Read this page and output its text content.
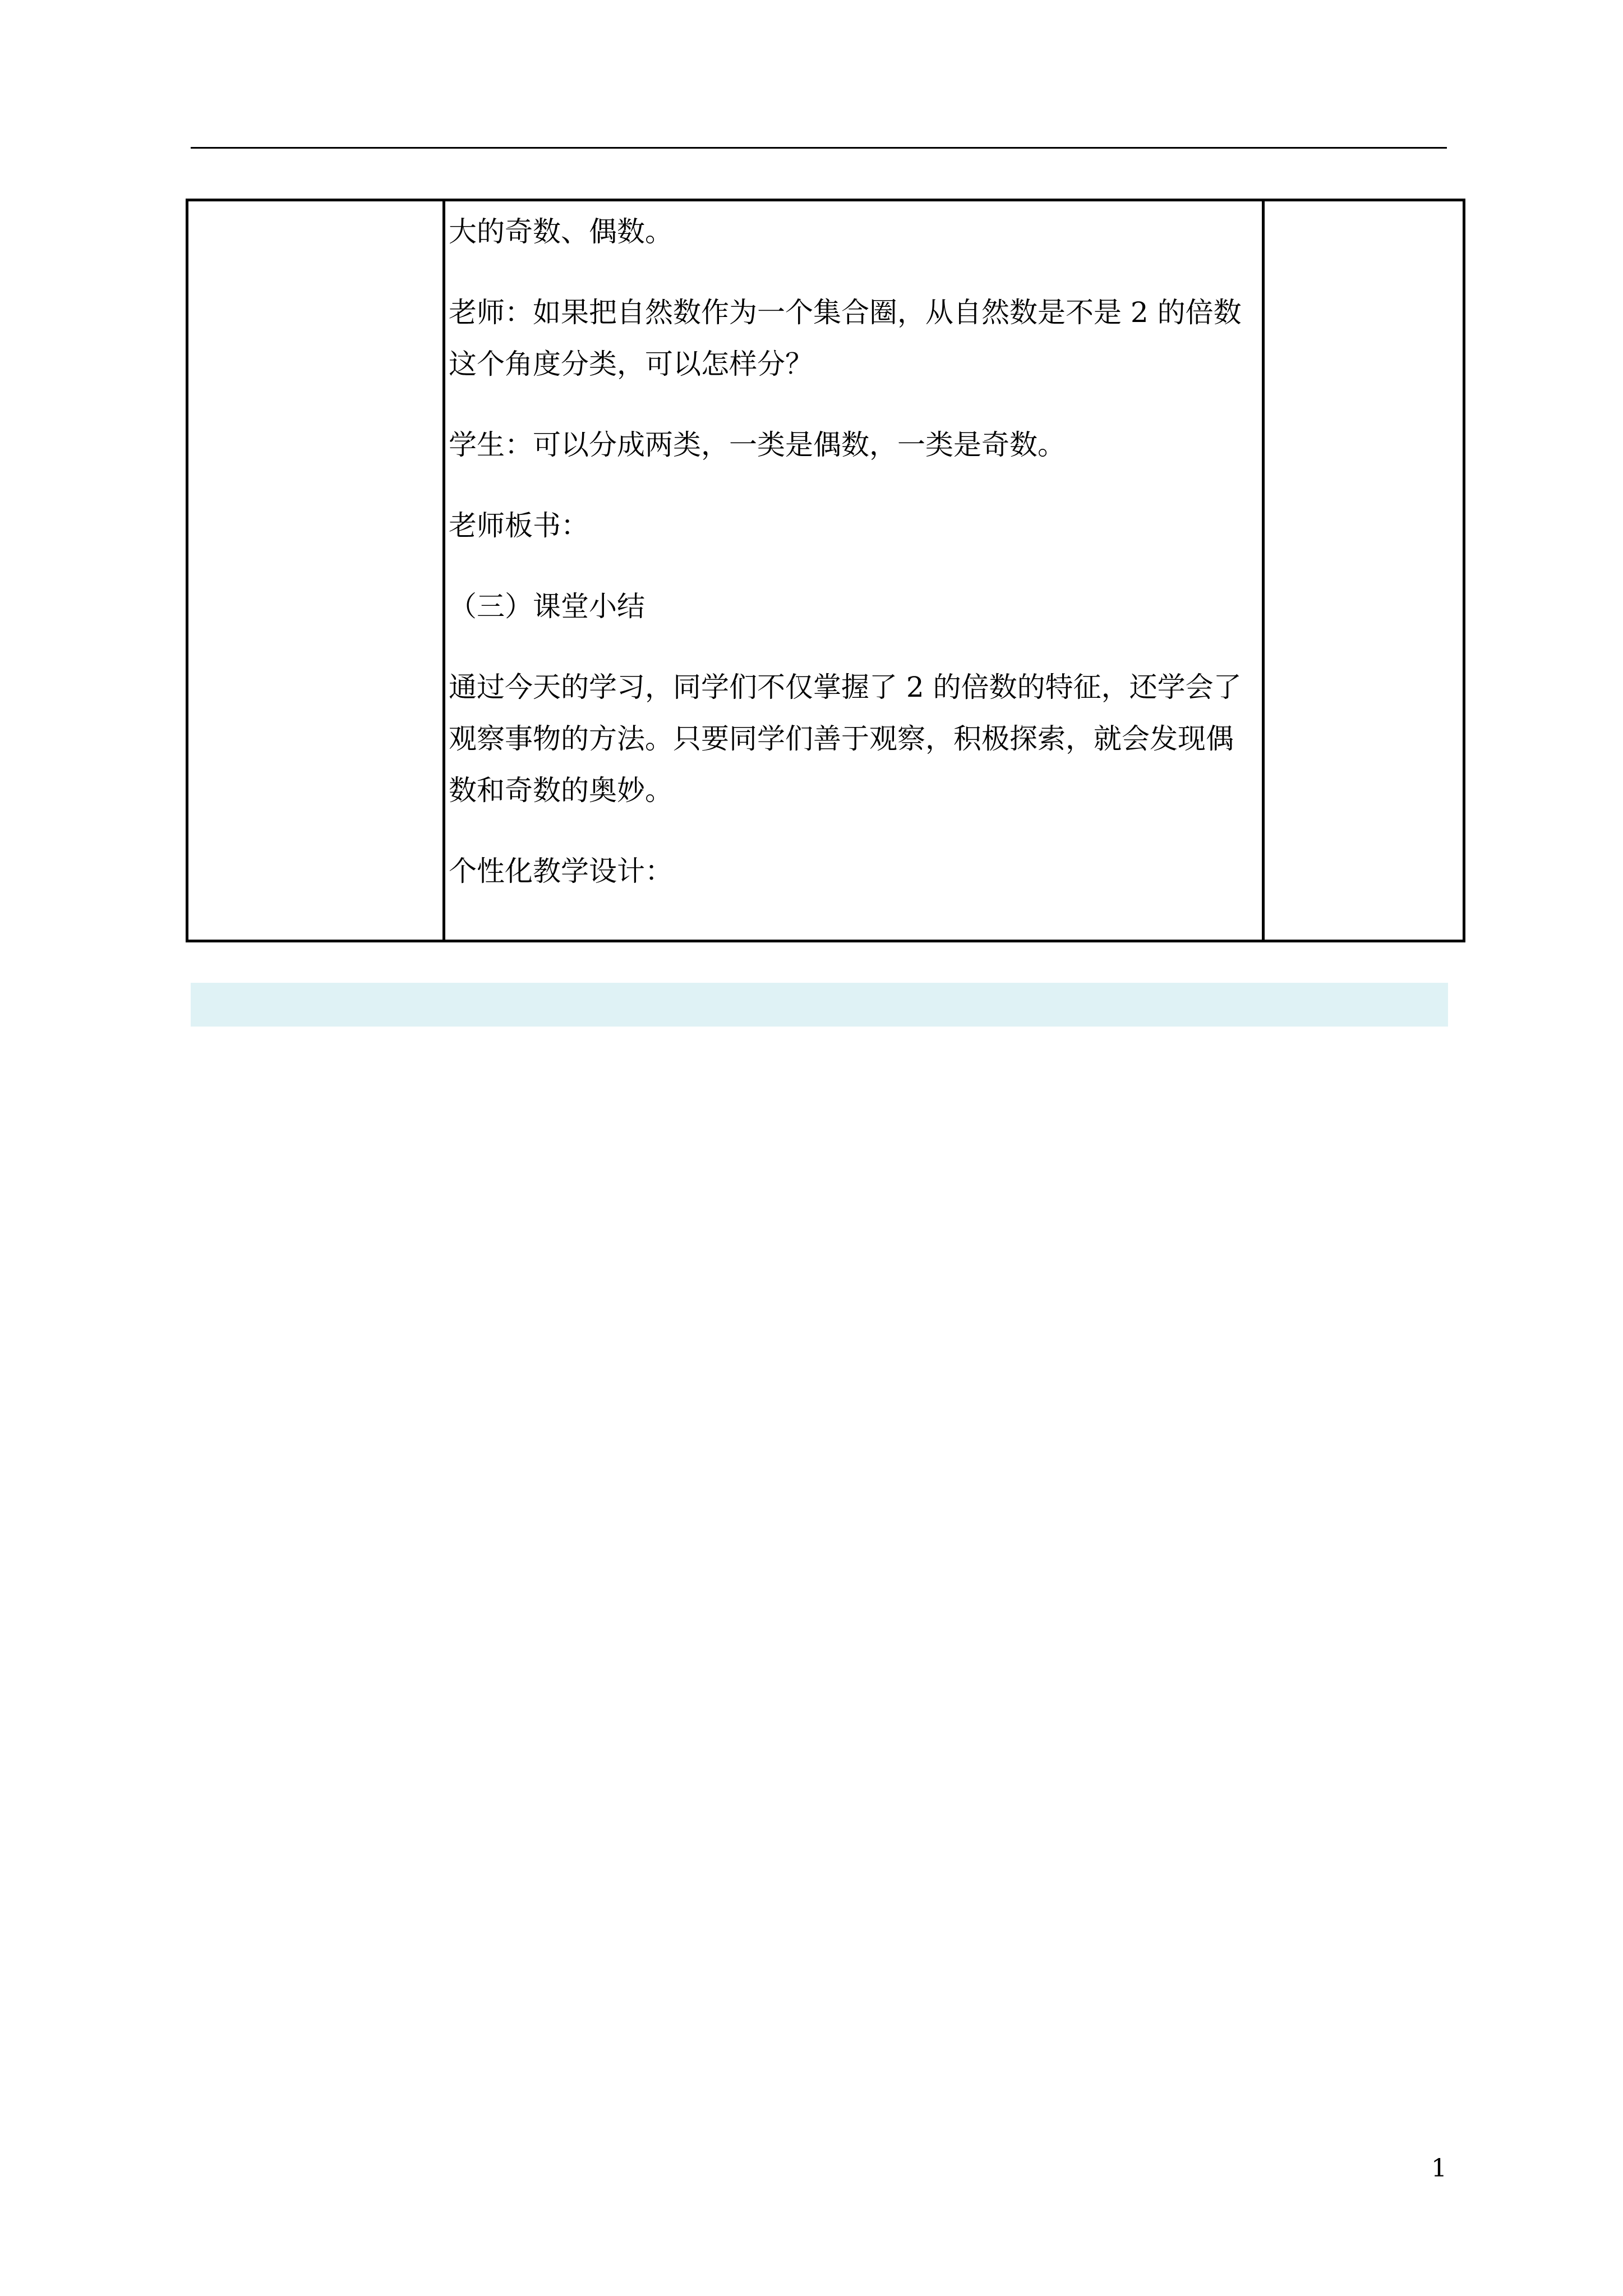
大的奇数、偶数。

老师：如果把自然数作为一个集合圈，从自然数是不是 2 的倍数
这个角度分类，可以怎样分？

学生：可以分成两类，一类是偶数，一类是奇数。

老师板书：

（三）课堂小结

通过今天的学习，同学们不仅掌握了 2 的倍数的特征，还学会了
观察事物的方法。只要同学们善于观察，积极探索，就会发现偶
数和奇数的奥妙。

个性化教学设计：

1
